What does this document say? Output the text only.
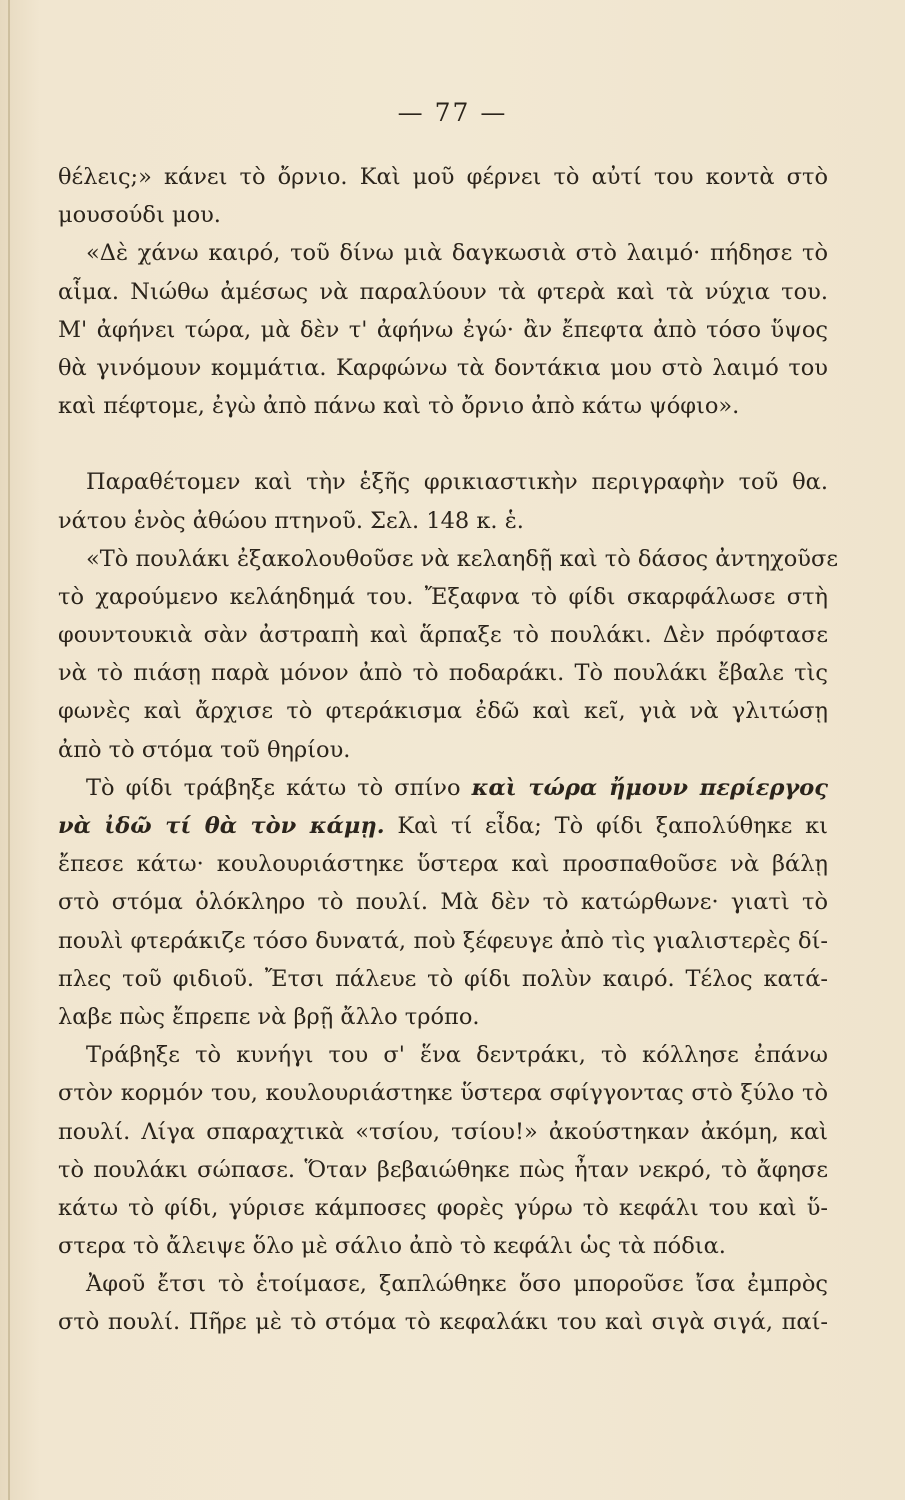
— 77 —
θέλεις;» κάνει τὸ ὄρνιο. Καὶ μοῦ φέρνει τὸ αὐτί του κοντὰ στὸ
μουσούδι μου.
«Δὲ χάνω καιρό, τοῦ δίνω μιὰ δαγκωσιὰ στὸ λαιμό· πήδησε τὸ
αἷμα. Νιώθω ἀμέσως νὰ παραλύουν τὰ φτερὰ καὶ τὰ νύχια του.
Μ' ἀφήνει τώρα, μὰ δὲν τ' ἀφήνω ἐγώ· ἂν ἔπεφτα ἀπὸ τόσο ὕψος
θὰ γινόμουν κομμάτια. Καρφώνω τὰ δοντάκια μου στὸ λαιμό του
καὶ πέφτομε, ἐγὼ ἀπὸ πάνω καὶ τὸ ὄρνιο ἀπὸ κάτω ψόφιο».
Παραθέτομεν καὶ τὴν ἑξῆς φρικιαστικὴν περιγραφὴν τοῦ θα.
νάτου ἑνὸς ἀθώου πτηνοῦ. Σελ. 148 κ. ἑ.
«Τὸ πουλάκι ἐξακολουθοῦσε νὰ κελαηδῇ καὶ τὸ δάσος ἀντηχοῦσε
τὸ χαρούμενο κελάηδημά του. Ἔξαφνα τὸ φίδι σκαρφάλωσε στὴ
φουντουκιὰ σὰν ἀστραπὴ καὶ ἅρπαξε τὸ πουλάκι. Δὲν πρόφτασε
νὰ τὸ πιάσῃ παρὰ μόνον ἀπὸ τὸ ποδαράκι. Τὸ πουλάκι ἔβαλε τὶς
φωνὲς καὶ ἄρχισε τὸ φτεράκισμα ἐδῶ καὶ κεῖ, γιὰ νὰ γλιτώσῃ
ἀπὸ τὸ στόμα τοῦ θηρίου.
Τὸ φίδι τράβηξε κάτω τὸ σπίνο καὶ τώρα ἤμουν περίεργος
νὰ ἰδῶ τί θὰ τὸν κάμῃ. Καὶ τί εἶδα; Τὸ φίδι ξαπολύθηκε κι
ἔπεσε κάτω· κουλουριάστηκε ὕστερα καὶ προσπαθοῦσε νὰ βάλῃ
στὸ στόμα ὁλόκληρο τὸ πουλί. Μὰ δὲν τὸ κατώρθωνε· γιατὶ τὸ
πουλὶ φτεράκιζε τόσο δυνατά, ποὺ ξέφευγε ἀπὸ τὶς γιαλιστερὲς δί-
πλες τοῦ φιδιοῦ. Ἔτσι πάλευε τὸ φίδι πολὺν καιρό. Τέλος κατά-
λαβε πὼς ἔπρεπε νὰ βρῇ ἄλλο τρόπο.
Τράβηξε τὸ κυνήγι του σ' ἕνα δεντράκι, τὸ κόλλησε ἐπάνω
στὸν κορμόν του, κουλουριάστηκε ὕστερα σφίγγοντας στὸ ξύλο τὸ
πουλί. Λίγα σπαραχτικὰ «τσίου, τσίου!» ἀκούστηκαν ἀκόμη, καὶ
τὸ πουλάκι σώπασε. Ὅταν βεβαιώθηκε πὼς ἦταν νεκρό, τὸ ἄφησε
κάτω τὸ φίδι, γύρισε κάμποσες φορὲς γύρω τὸ κεφάλι του καὶ ὕ-
στερα τὸ ἄλειψε ὅλο μὲ σάλιο ἀπὸ τὸ κεφάλι ὡς τὰ πόδια.
Ἀφοῦ ἔτσι τὸ ἑτοίμασε, ξαπλώθηκε ὅσο μποροῦσε ἴσα ἐμπρὸς
στὸ πουλί. Πῆρε μὲ τὸ στόμα τὸ κεφαλάκι του καὶ σιγὰ σιγά, παί-
